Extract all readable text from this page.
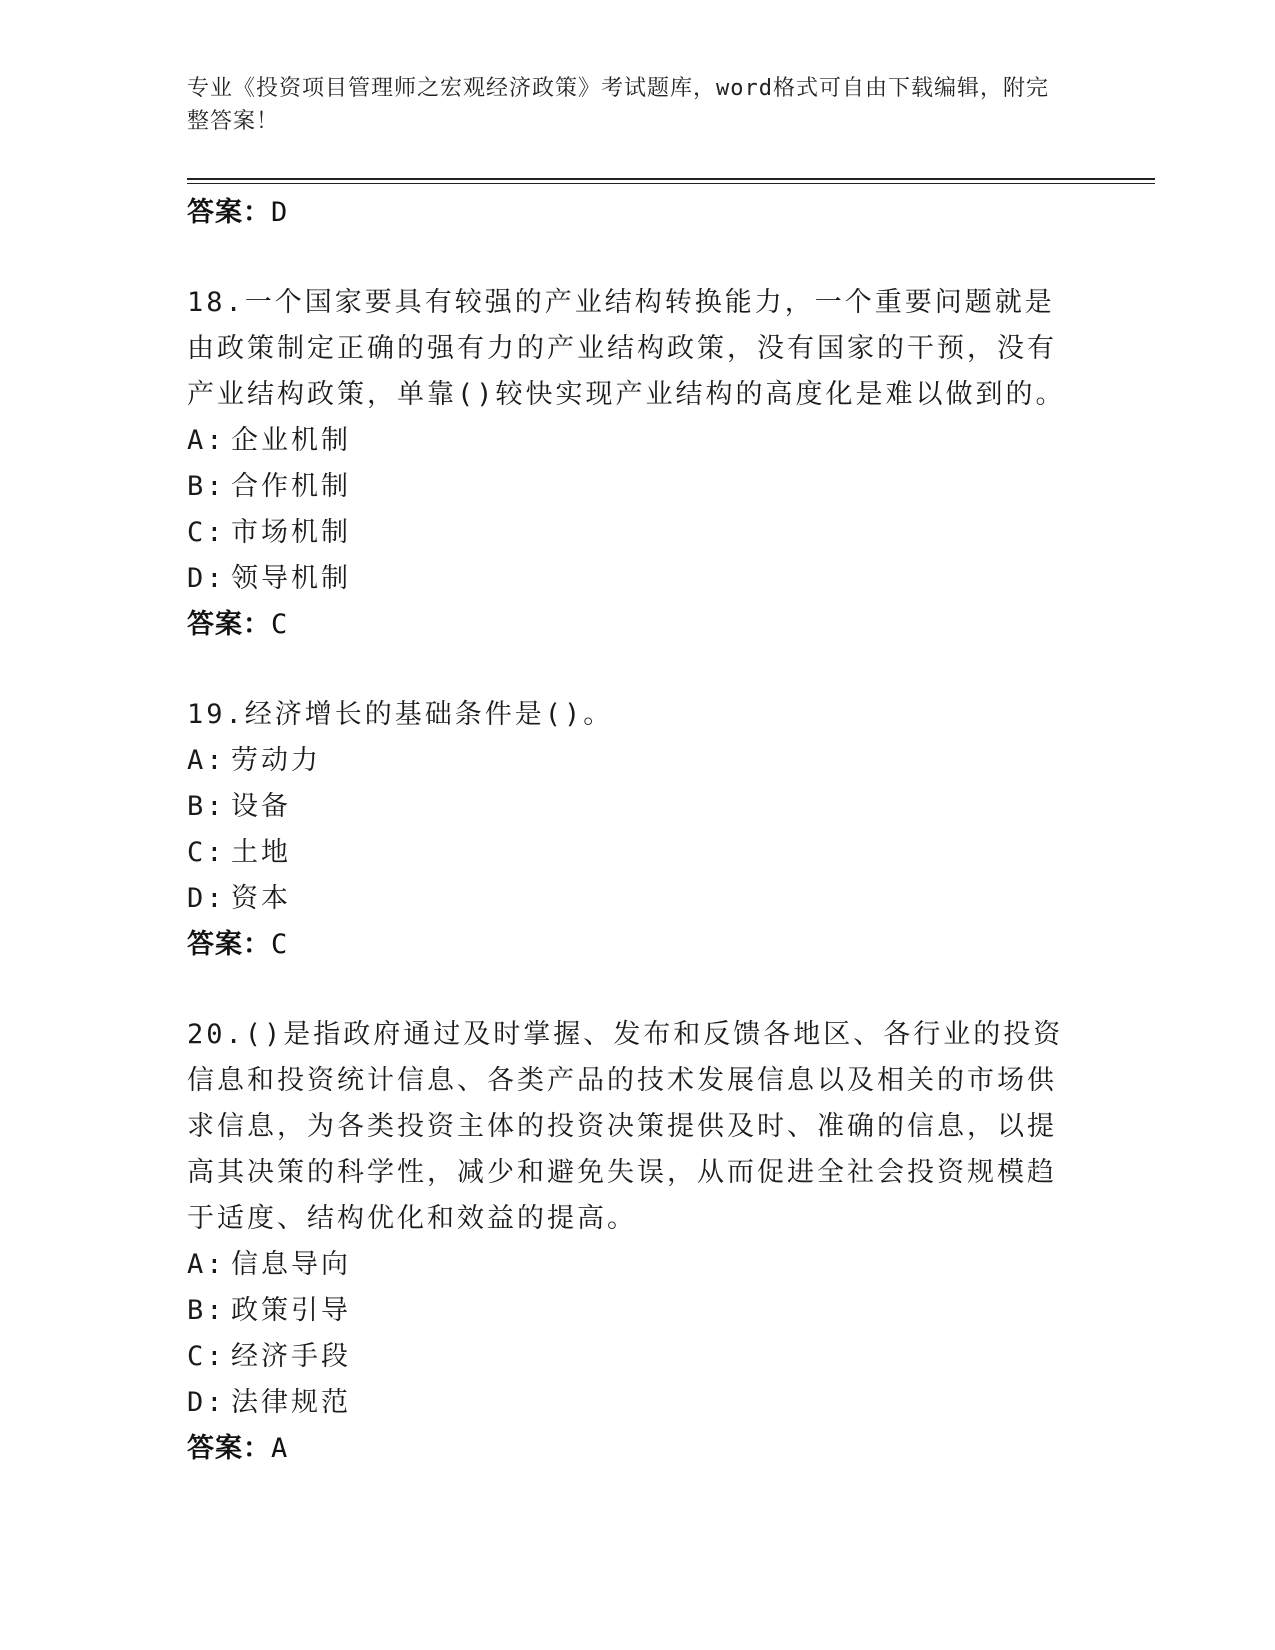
专业《投资项目管理师之宏观经济政策》考试题库，word格式可自由下载编辑，附完整答案！

答案：D

18.一个国家要具有较强的产业结构转换能力，一个重要问题就是由政策制定正确的强有力的产业结构政策，没有国家的干预，没有产业结构政策，单靠()较快实现产业结构的高度化是难以做到的。

A: 企业机制

B: 合作机制

C: 市场机制

D: 领导机制

答案：C

19.经济增长的基础条件是()。

A: 劳动力

B: 设备

C: 土地

D: 资本

答案：C

20.()是指政府通过及时掌握、发布和反馈各地区、各行业的投资信息和投资统计信息、各类产品的技术发展信息以及相关的市场供求信息，为各类投资主体的投资决策提供及时、准确的信息，以提高其决策的科学性，减少和避免失误，从而促进全社会投资规模趋于适度、结构优化和效益的提高。

A: 信息导向

B: 政策引导

C: 经济手段

D: 法律规范

答案：A
